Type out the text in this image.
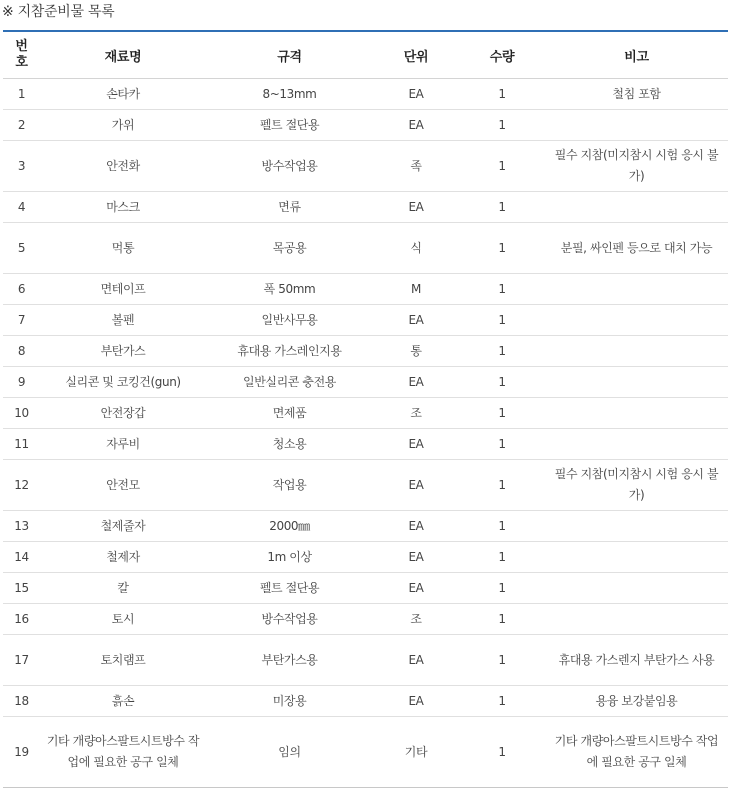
※ 지참준비물 목록
번
호	재료명	규격	단위	수량	비고
1	손타카	8~13mm	EA	1	철침 포함
2	가위	펠트 절단용	EA	1	
3	안전화	방수작업용	족	1	필수 지참(미지참시 시험 응시 불가)
4	마스크	면류	EA	1	
5	먹통	목공용	식	1	분필, 싸인펜 등으로 대치 가능
6	면테이프	폭 50mm	M	1	
7	볼펜	일반사무용	EA	1	
8	부탄가스	휴대용 가스레인지용	통	1	
9	실리콘 및 코킹건(gun)	일반실리콘 충전용	EA	1	
10	안전장갑	면제품	조	1	
11	자루비	청소용	EA	1	
12	안전모	작업용	EA	1	필수 지참(미지참시 시험 응시 불가)
13	철제줄자	2000㎜	EA	1	
14	철제자	1m 이상	EA	1	
15	칼	펠트 절단용	EA	1	
16	토시	방수작업용	조	1	
17	토치램프	부탄가스용	EA	1	휴대용 가스렌지 부탄가스 사용
18	흙손	미장용	EA	1	용융 보강붙임용
19	기타 개량아스팔트시트방수 작업에 필요한 공구 일체	임의	기타	1	기타 개량아스팔트시트방수 작업에 필요한 공구 일체
